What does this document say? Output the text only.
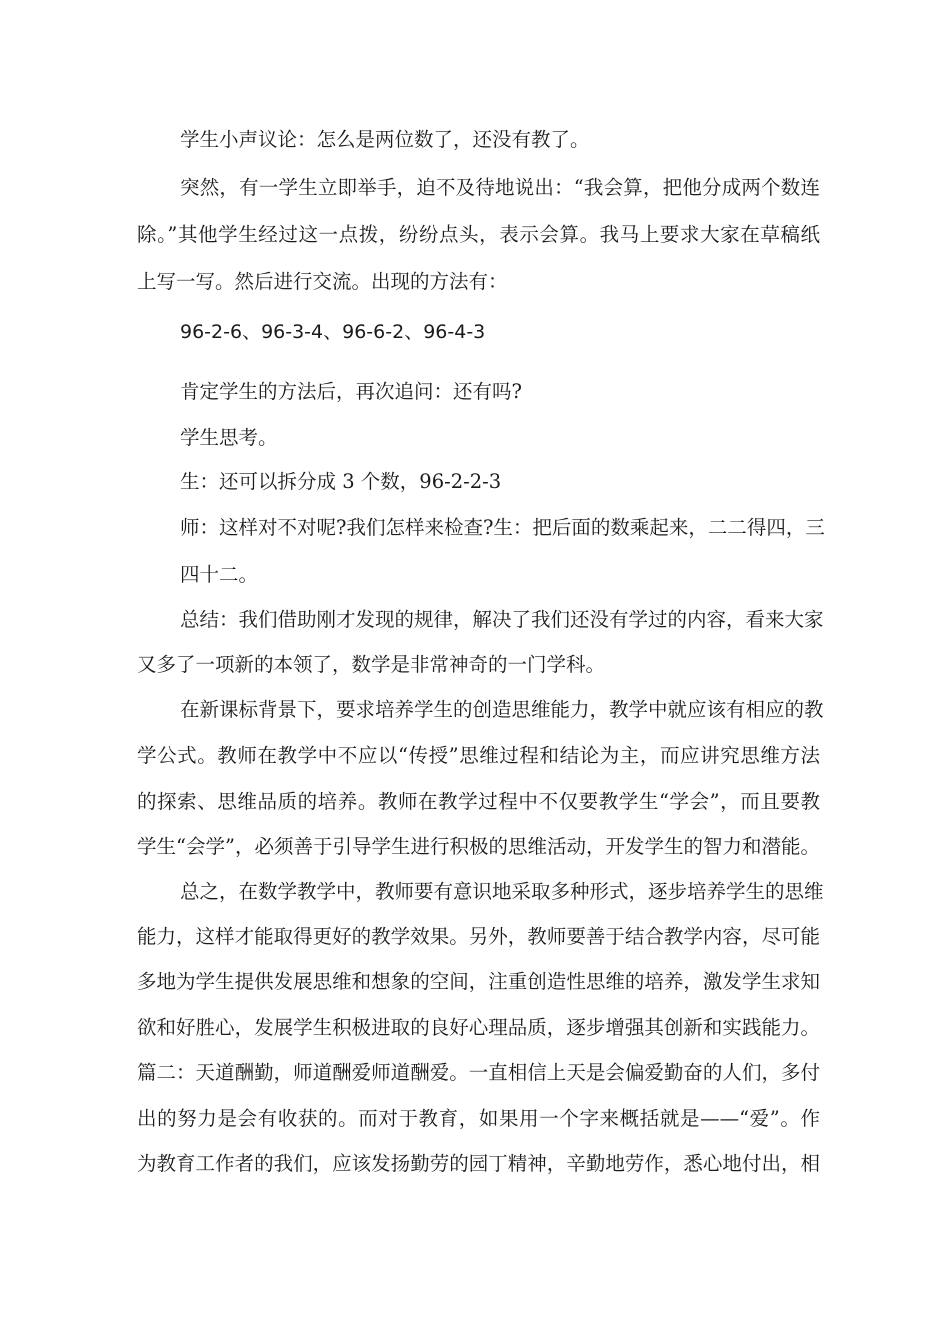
学生小声议论：怎么是两位数了，还没有教了。
突然，有一学生立即举手，迫不及待地说出：“我会算，把他分成两个数连
除。”其他学生经过这一点拨，纷纷点头，表示会算。我马上要求大家在草稿纸
上写一写。然后进行交流。出现的方法有：
96-2-6、96-3-4、96-6-2、96-4-3
肯定学生的方法后，再次追问：还有吗?
学生思考。
生：还可以拆分成 3 个数，96-2-2-3
师：这样对不对呢?我们怎样来检查?生：把后面的数乘起来，二二得四，三
四十二。
总结：我们借助刚才发现的规律，解决了我们还没有学过的内容，看来大家
又多了一项新的本领了，数学是非常神奇的一门学科。
在新课标背景下，要求培养学生的创造思维能力，教学中就应该有相应的教
学公式。教师在教学中不应以“传授”思维过程和结论为主，而应讲究思维方法
的探索、思维品质的培养。教师在教学过程中不仅要教学生“学会”，而且要教
学生“会学”，必须善于引导学生进行积极的思维活动，开发学生的智力和潜能。
总之，在数学教学中，教师要有意识地采取多种形式，逐步培养学生的思维
能力，这样才能取得更好的教学效果。另外，教师要善于结合教学内容，尽可能
多地为学生提供发展思维和想象的空间，注重创造性思维的培养，激发学生求知
欲和好胜心，发展学生积极进取的良好心理品质，逐步增强其创新和实践能力。
篇二：天道酬勤，师道酬爱师道酬爱。一直相信上天是会偏爱勤奋的人们，多付
出的努力是会有收获的。而对于教育，如果用一个字来概括就是——“爱”。作
为教育工作者的我们，应该发扬勤劳的园丁精神，辛勤地劳作，悉心地付出，相
